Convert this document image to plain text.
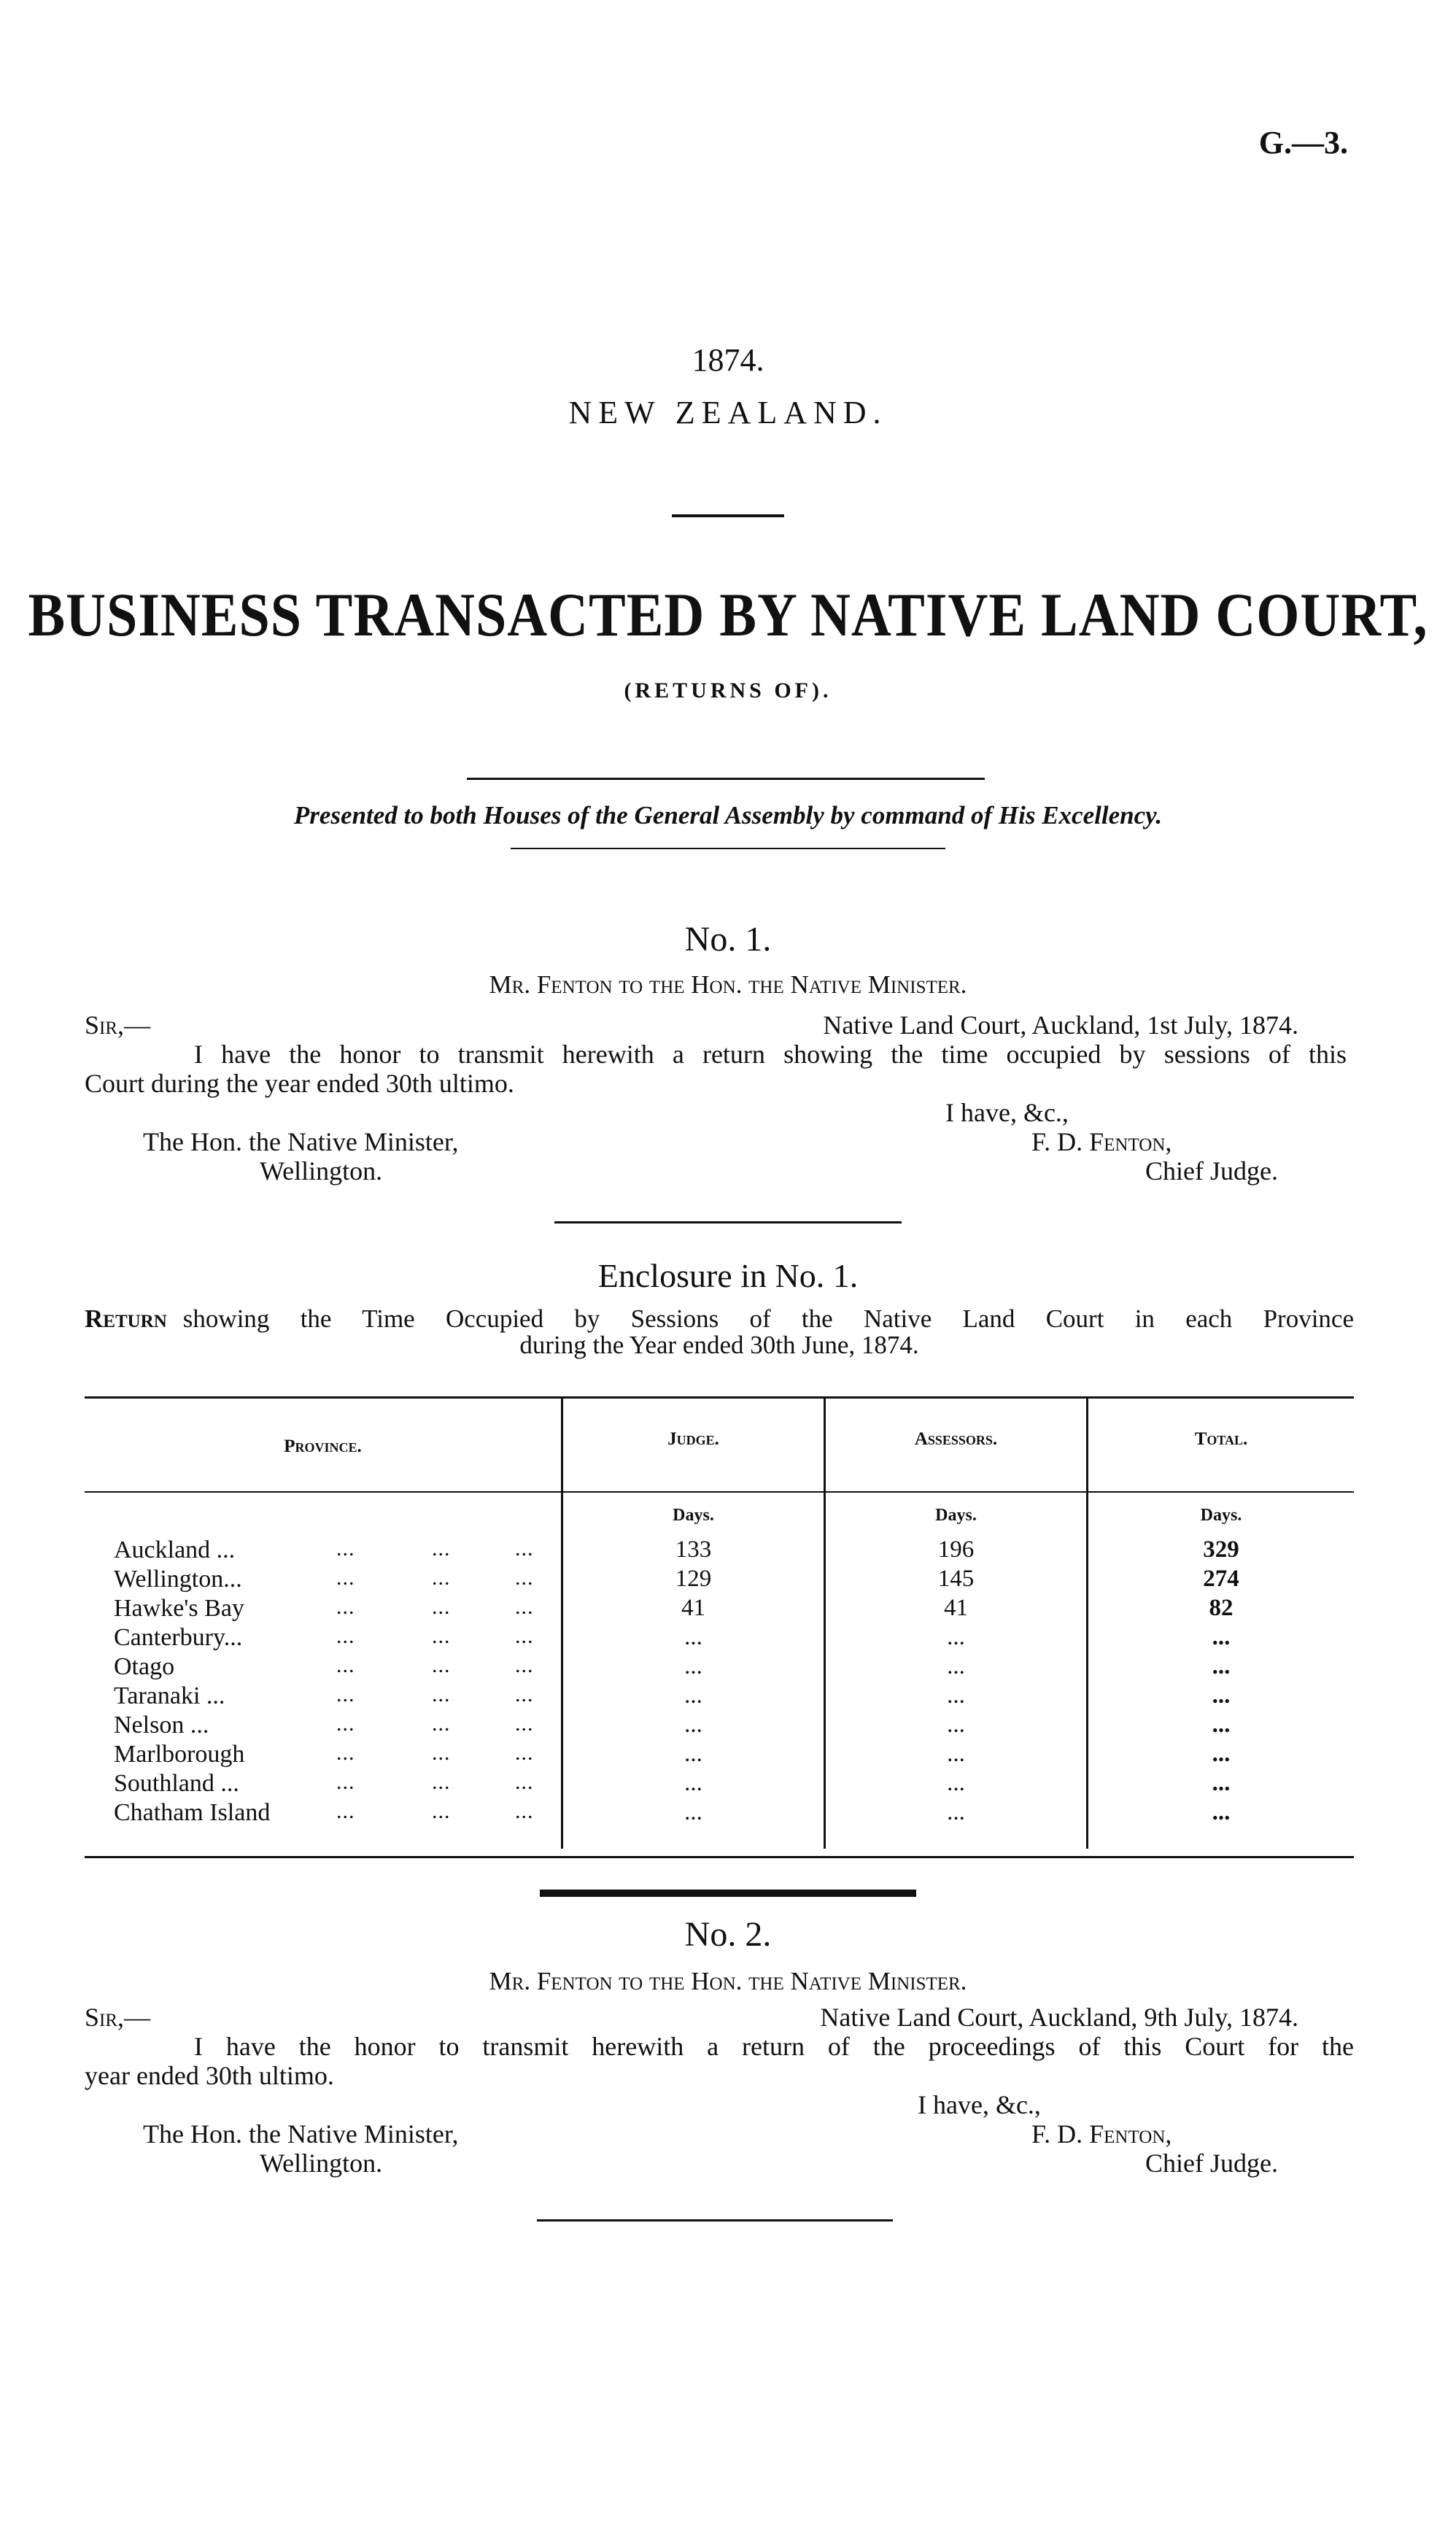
G.—3.
1874.
NEW ZEALAND.
BUSINESS TRANSACTED BY NATIVE LAND COURT,
(RETURNS OF).
Presented to both Houses of the General Assembly by command of His Excellency.
No. 1.
Mr. Fenton to the Hon. the Native Minister.
Sir,—	Native Land Court, Auckland, 1st July, 1874.
I have the honor to transmit herewith a return showing the time occupied by sessions of this
Court during the year ended 30th ultimo.
I have, &c.,
The Hon. the Native Minister,	F. D. Fenton,
Wellington.	Chief Judge.
Enclosure in No. 1.
Return showing the Time Occupied by Sessions of the Native Land Court in each Province
during the Year ended 30th June, 1874.
Province.	Judge.	Assessors.	Total.
Days.	Days.	Days.
Auckland ...	...	...	...	133	196	329
Wellington...	...	...	...	129	145	274
Hawke's Bay	...	...	...	41	41	82
Canterbury...	...	...	...	...	...	...
Otago	...	...	...	...	...	...
Taranaki ...	...	...	...	...	...	...
Nelson ...	...	...	...	...	...	...
Marlborough	...	...	...	...	...	...
Southland ...	...	...	...	...	...	...
Chatham Island	...	...	...	...	...	...
No. 2.
Mr. Fenton to the Hon. the Native Minister.
Sir,—	Native Land Court, Auckland, 9th July, 1874.
I have the honor to transmit herewith a return of the proceedings of this Court for the
year ended 30th ultimo.
I have, &c.,
The Hon. the Native Minister,	F. D. Fenton,
Wellington.	Chief Judge.
